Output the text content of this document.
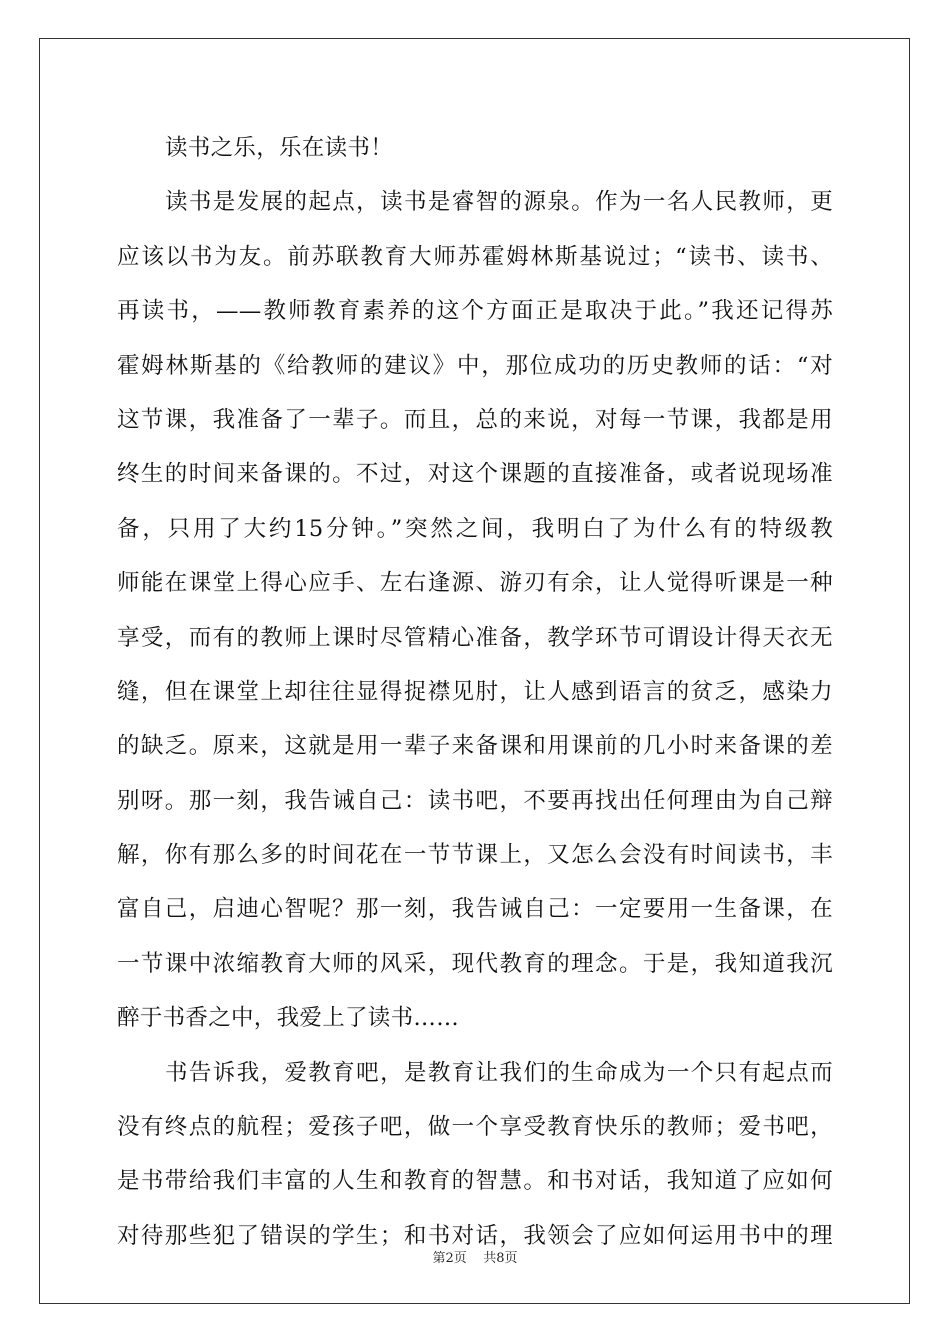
读书之乐，乐在读书！
读书是发展的起点，读书是睿智的源泉。作为一名人民教师，更
应该以书为友。前苏联教育大师苏霍姆林斯基说过；“读书、读书、
再读书，——教师教育素养的这个方面正是取决于此。”我还记得苏
霍姆林斯基的《给教师的建议》中，那位成功的历史教师的话：“对
这节课，我准备了一辈子。而且，总的来说，对每一节课，我都是用
终生的时间来备课的。不过，对这个课题的直接准备，或者说现场准
备，只用了大约15分钟。”突然之间，我明白了为什么有的特级教
师能在课堂上得心应手、左右逢源、游刃有余，让人觉得听课是一种
享受，而有的教师上课时尽管精心准备，教学环节可谓设计得天衣无
缝，但在课堂上却往往显得捉襟见肘，让人感到语言的贫乏，感染力
的缺乏。原来，这就是用一辈子来备课和用课前的几小时来备课的差
别呀。那一刻，我告诫自己：读书吧，不要再找出任何理由为自己辩
解，你有那么多的时间花在一节节课上，又怎么会没有时间读书，丰
富自己，启迪心智呢？那一刻，我告诫自己：一定要用一生备课，在
一节课中浓缩教育大师的风采，现代教育的理念。于是，我知道我沉
醉于书香之中，我爱上了读书……
书告诉我，爱教育吧，是教育让我们的生命成为一个只有起点而
没有终点的航程；爱孩子吧，做一个享受教育快乐的教师；爱书吧，
是书带给我们丰富的人生和教育的智慧。和书对话，我知道了应如何
对待那些犯了错误的学生；和书对话，我领会了应如何运用书中的理
第2页    共8页
